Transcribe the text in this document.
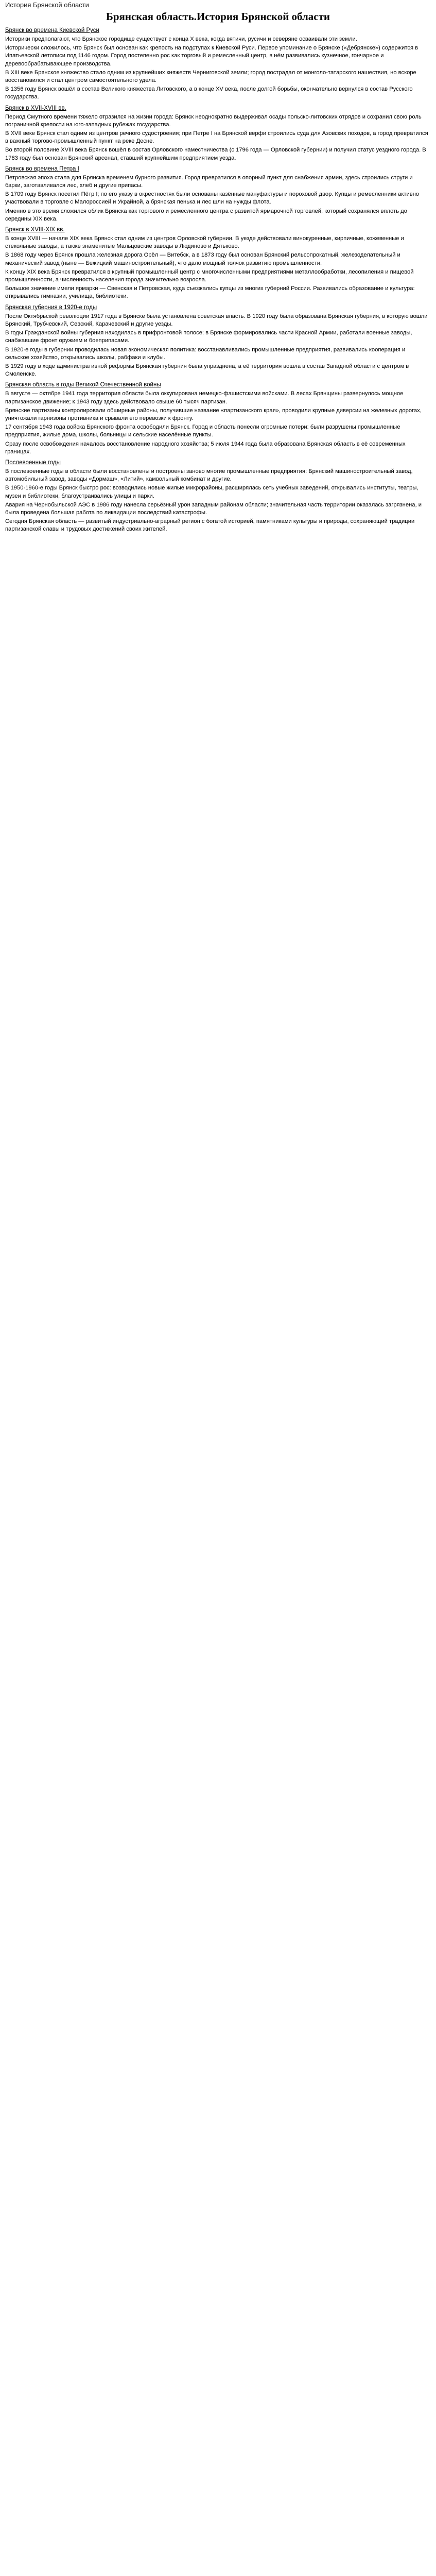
История Брянской области
Брянская область.История Брянской области
Брянск во времена Киевской Руси

Историки предполагают, что Брянское городище существует с конца X века, когда вятичи, русичи и северяне осваивали эти земли.

Исторически сложилось, что Брянск был основан как крепость на подступах к Киевской Руси. Первое упоминание о Брянске («Дебрянске») содержится в Ипатьевской летописи под 1146 годом. Город постепенно рос как торговый и ремесленный центр, в нём развивались кузнечное, гончарное и деревообрабатывающее производства.

В XIII веке Брянское княжество стало одним из крупнейших княжеств Черниговской земли; город пострадал от монголо-татарского нашествия, но вскоре восстановился и стал центром самостоятельного удела.

В 1356 году Брянск вошёл в состав Великого княжества Литовского, а в конце XV века, после долгой борьбы, окончательно вернулся в состав Русского государства.

Брянск в XVII-XVIII вв.

Период Смутного времени тяжело отразился на жизни города: Брянск неоднократно выдерживал осады польско-литовских отрядов и сохранил свою роль пограничной крепости на юго-западных рубежах государства.

В XVII веке Брянск стал одним из центров речного судостроения; при Петре I на Брянской верфи строились суда для Азовских походов, а город превратился в важный торгово-промышленный пункт на реке Десне.

Во второй половине XVIII века Брянск вошёл в состав Орловского наместничества (с 1796 года — Орловской губернии) и получил статус уездного города. В 1783 году был основан Брянский арсенал, ставший крупнейшим предприятием уезда.

Брянск во времена Петра I

Петровская эпоха стала для Брянска временем бурного развития. Город превратился в опорный пункт для снабжения армии, здесь строились струги и барки, заготавливался лес, хлеб и другие припасы.

В 1709 году Брянск посетил Пётр I; по его указу в окрестностях были основаны казённые мануфактуры и пороховой двор. Купцы и ремесленники активно участвовали в торговле с Малороссией и Украйной, а брянская пенька и лес шли на нужды флота.

Именно в это время сложился облик Брянска как торгового и ремесленного центра с развитой ярмарочной торговлей, который сохранялся вплоть до середины XIX века.

Брянск в XVIII-XIX вв.

В конце XVIII — начале XIX века Брянск стал одним из центров Орловской губернии. В уезде действовали винокуренные, кирпичные, кожевенные и стекольные заводы, а также знаменитые Мальцовские заводы в Людиново и Дятьково.

В 1868 году через Брянск прошла железная дорога Орёл — Витебск, а в 1873 году был основан Брянский рельсопрокатный, железоделательный и механический завод (ныне — Бежицкий машиностроительный), что дало мощный толчок развитию промышленности.

К концу XIX века Брянск превратился в крупный промышленный центр с многочисленными предприятиями металлообработки, лесопиления и пищевой промышленности, а численность населения города значительно возросла.

Большое значение имели ярмарки — Свенская и Петровская, куда съезжались купцы из многих губерний России. Развивались образование и культура: открывались гимназии, училища, библиотеки.

Брянская губерния в 1920-е годы

После Октябрьской революции 1917 года в Брянске была установлена советская власть. В 1920 году была образована Брянская губерния, в которую вошли Брянский, Трубчевский, Севский, Карачевский и другие уезды.

В годы Гражданской войны губерния находилась в прифронтовой полосе; в Брянске формировались части Красной Армии, работали военные заводы, снабжавшие фронт оружием и боеприпасами.

В 1920-е годы в губернии проводилась новая экономическая политика: восстанавливались промышленные предприятия, развивались кооперация и сельское хозяйство, открывались школы, рабфаки и клубы.

В 1929 году в ходе административной реформы Брянская губерния была упразднена, а её территория вошла в состав Западной области с центром в Смоленске.

Брянская область в годы Великой Отечественной войны

В августе — октябре 1941 года территория области была оккупирована немецко-фашистскими войсками. В лесах Брянщины развернулось мощное партизанское движение; к 1943 году здесь действовало свыше 60 тысяч партизан.

Брянские партизаны контролировали обширные районы, получившие название «партизанского края», проводили крупные диверсии на железных дорогах, уничтожали гарнизоны противника и срывали его перевозки к фронту.

17 сентября 1943 года войска Брянского фронта освободили Брянск. Город и область понесли огромные потери: были разрушены промышленные предприятия, жилые дома, школы, больницы и сельские населённые пункты.

Сразу после освобождения началось восстановление народного хозяйства; 5 июля 1944 года была образована Брянская область в её современных границах.

Послевоенные годы

В послевоенные годы в области были восстановлены и построены заново многие промышленные предприятия: Брянский машиностроительный завод, автомобильный завод, заводы «Дормаш», «Литий», камвольный комбинат и другие.

В 1950-1960-е годы Брянск быстро рос: возводились новые жилые микрорайоны, расширялась сеть учебных заведений, открывались институты, театры, музеи и библиотеки, благоустраивались улицы и парки.

Авария на Чернобыльской АЭС в 1986 году нанесла серьёзный урон западным районам области; значительная часть территории оказалась загрязнена, и была проведена большая работа по ликвидации последствий катастрофы.

Сегодня Брянская область — развитый индустриально-аграрный регион с богатой историей, памятниками культуры и природы, сохраняющий традиции партизанской славы и трудовых достижений своих жителей.
